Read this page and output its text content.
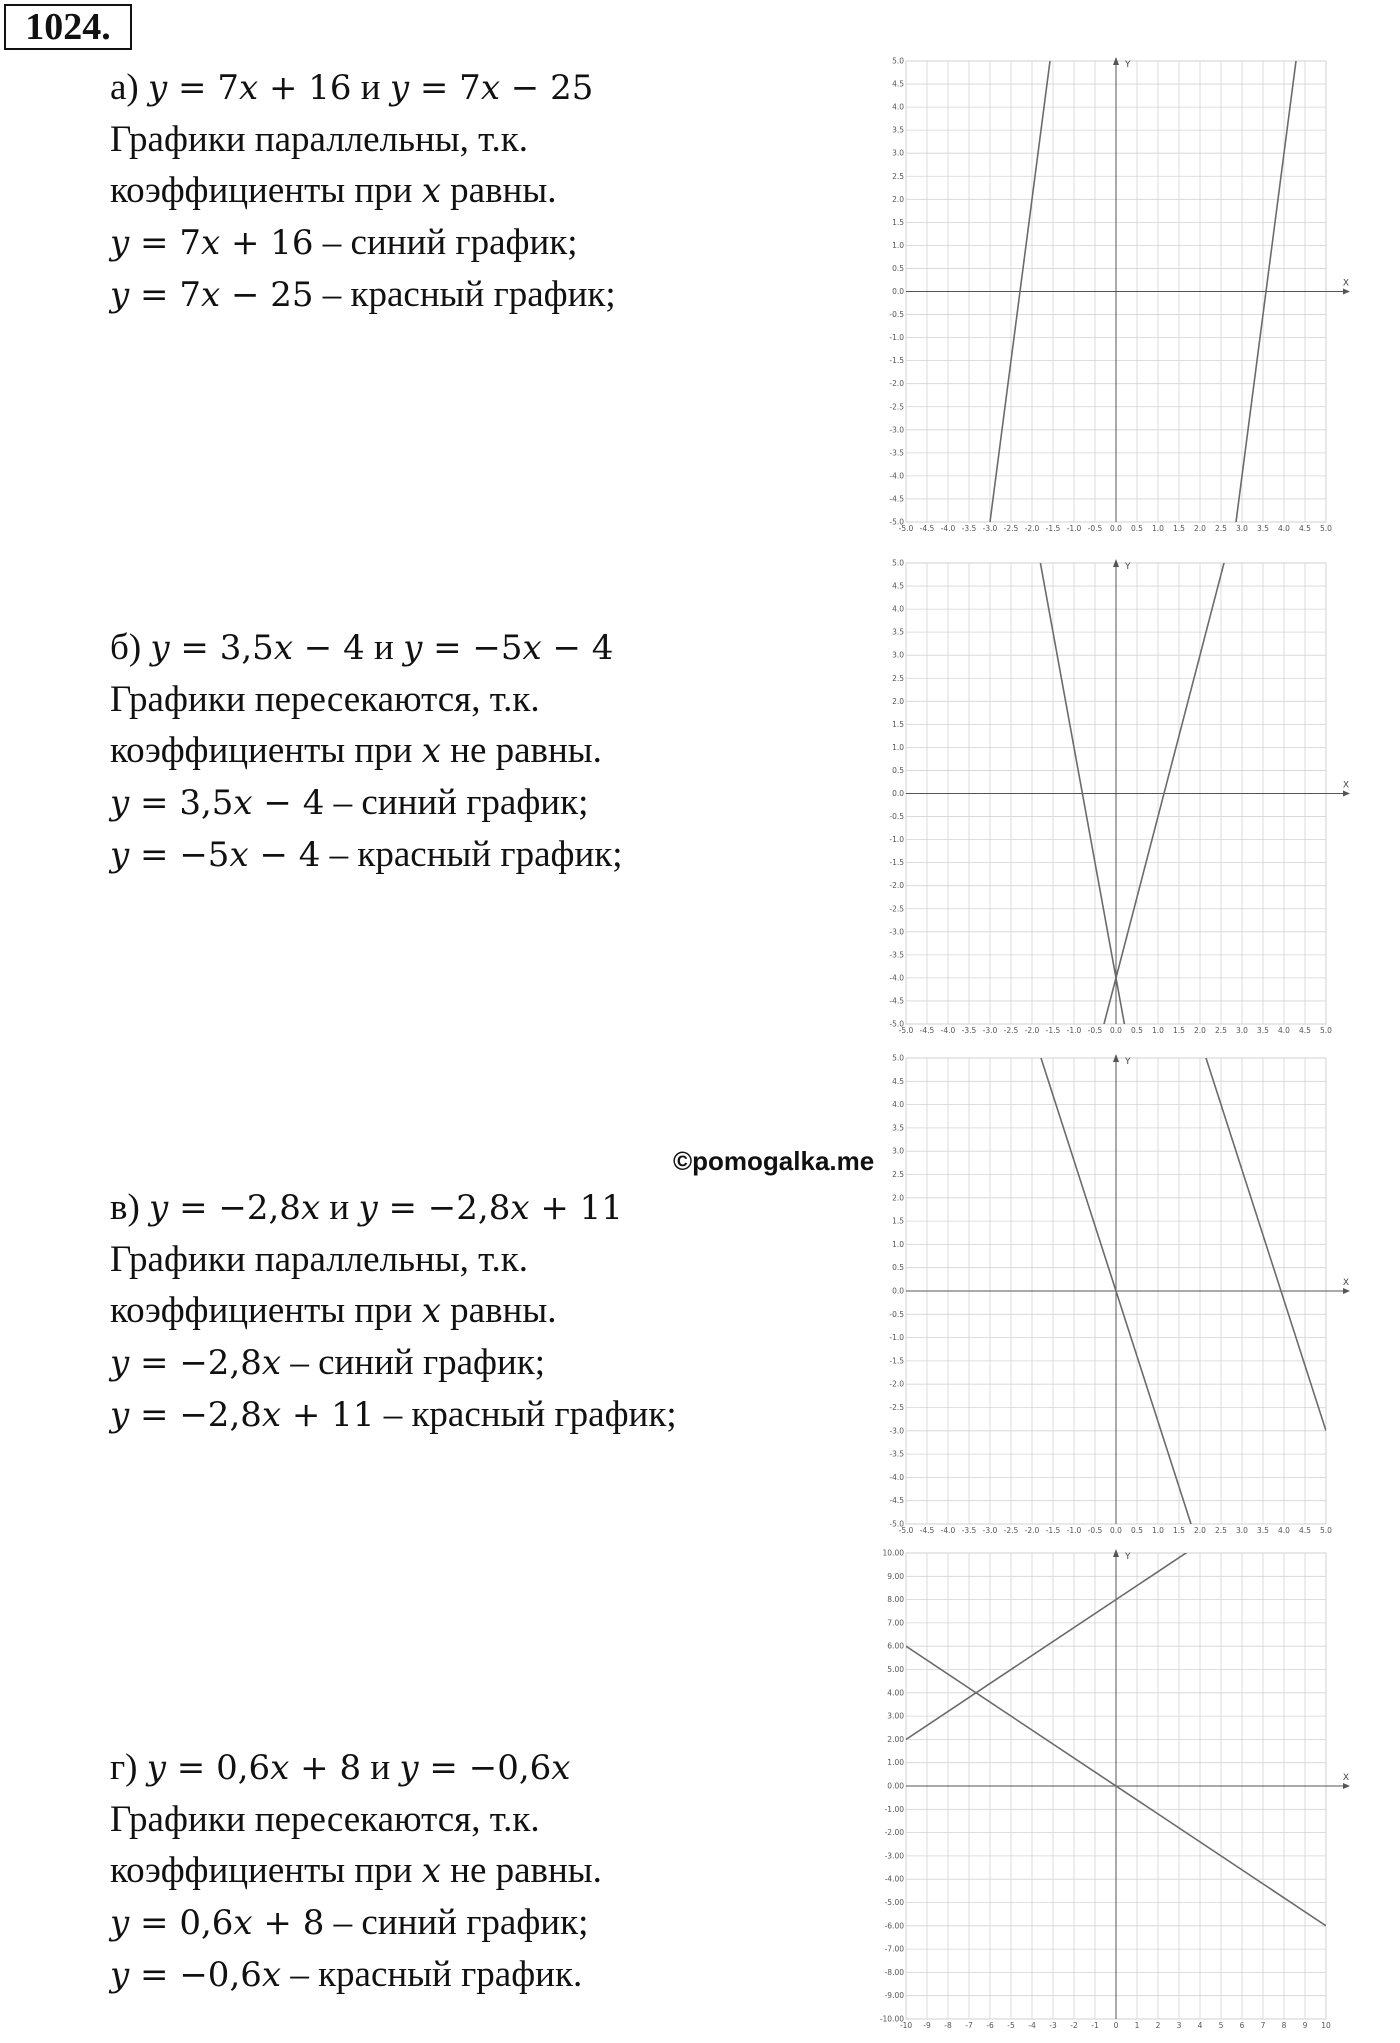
1024.
а) y = 7x + 16 и y = 7x − 25
Графики параллельны, т.к.
коэффициенты при x равны.
y = 7x + 16 – синий график;
y = 7x − 25 – красный график;
б) y = 3,5x − 4 и y = −5x − 4
Графики пересекаются, т.к.
коэффициенты при x не равны.
y = 3,5x − 4 – синий график;
y = −5x − 4 – красный график;
в) y = −2,8x и y = −2,8x + 11
Графики параллельны, т.к.
коэффициенты при x равны.
y = −2,8x – синий график;
y = −2,8x + 11 – красный график;
г) y = 0,6x + 8 и y = −0,6x
Графики пересекаются, т.к.
коэффициенты при x не равны.
y = 0,6x + 8 – синий график;
y = −0,6x – красный график.
©pomogalka.me
-5.0
-5.0
-4.5
-4.5
-4.0
-4.0
-3.5
-3.5
-3.0
-3.0
-2.5
-2.5
-2.0
-2.0
-1.5
-1.5
-1.0
-1.0
-0.5
-0.5
0.0
0.0
0.5
0.5
1.0
1.0
1.5
1.5
2.0
2.0
2.5
2.5
3.0
3.0
3.5
3.5
4.0
4.0
4.5
4.5
5.0
5.0
X
Y
-5.0
-5.0
-4.5
-4.5
-4.0
-4.0
-3.5
-3.5
-3.0
-3.0
-2.5
-2.5
-2.0
-2.0
-1.5
-1.5
-1.0
-1.0
-0.5
-0.5
0.0
0.0
0.5
0.5
1.0
1.0
1.5
1.5
2.0
2.0
2.5
2.5
3.0
3.0
3.5
3.5
4.0
4.0
4.5
4.5
5.0
5.0
X
Y
-5.0
-5.0
-4.5
-4.5
-4.0
-4.0
-3.5
-3.5
-3.0
-3.0
-2.5
-2.5
-2.0
-2.0
-1.5
-1.5
-1.0
-1.0
-0.5
-0.5
0.0
0.0
0.5
0.5
1.0
1.0
1.5
1.5
2.0
2.0
2.5
2.5
3.0
3.0
3.5
3.5
4.0
4.0
4.5
4.5
5.0
5.0
X
Y
-10
-10.00
-9
-9.00
-8
-8.00
-7
-7.00
-6
-6.00
-5
-5.00
-4
-4.00
-3
-3.00
-2
-2.00
-1
-1.00
0
0.00
1
1.00
2
2.00
3
3.00
4
4.00
5
5.00
6
6.00
7
7.00
8
8.00
9
9.00
10
10.00
X
Y
